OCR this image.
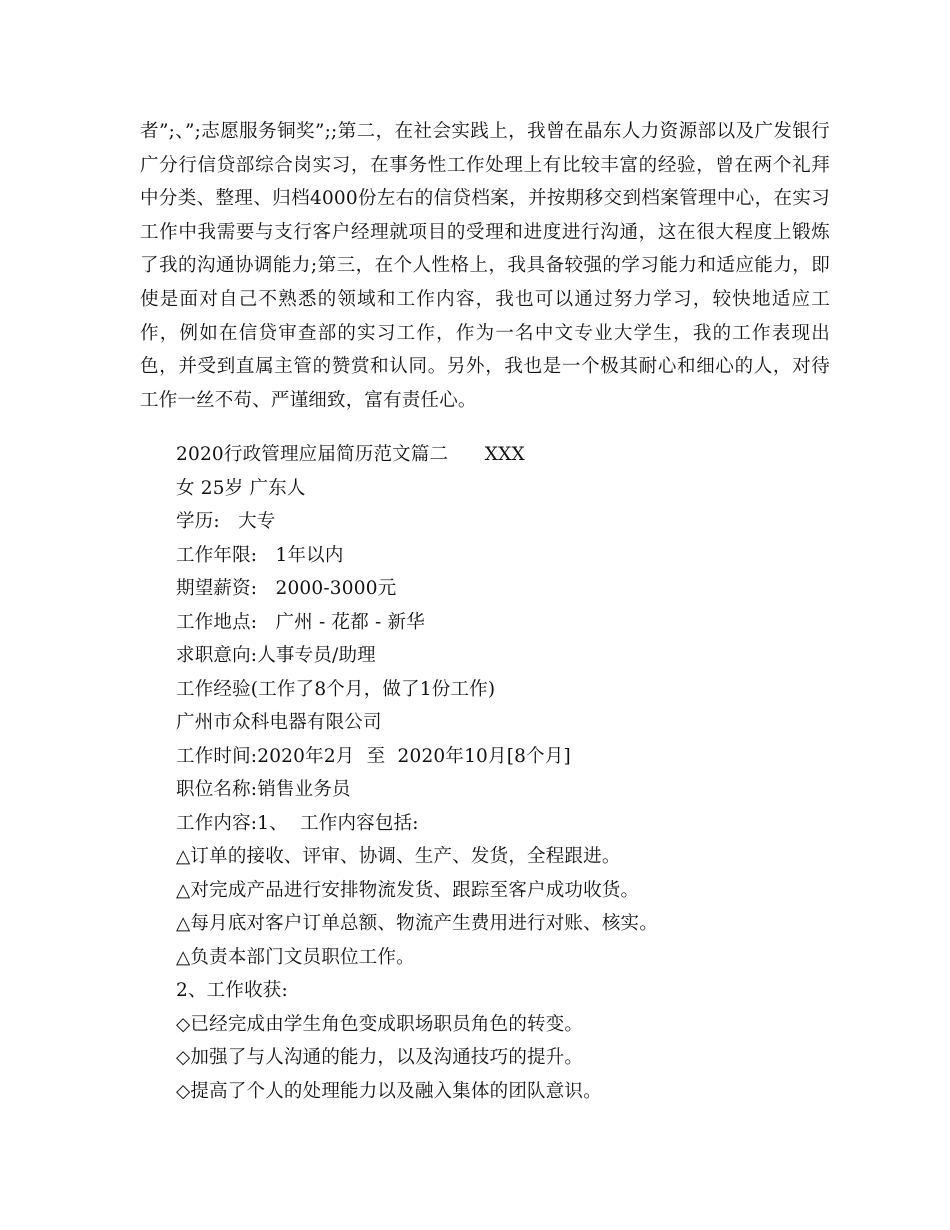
者”;、”;志愿服务铜奖”;;第二，在社会实践上，我曾在晶东人力资源部以及广发银行广分行信贷部综合岗实习，在事务性工作处理上有比较丰富的经验，曾在两个礼拜中分类、整理、归档4000份左右的信贷档案，并按期移交到档案管理中心，在实习工作中我需要与支行客户经理就项目的受理和进度进行沟通，这在很大程度上锻炼了我的沟通协调能力;第三，在个人性格上，我具备较强的学习能力和适应能力，即使是面对自己不熟悉的领域和工作内容，我也可以通过努力学习，较快地适应工作，例如在信贷审查部的实习工作，作为一名中文专业大学生，我的工作表现出色，并受到直属主管的赞赏和认同。另外，我也是一个极其耐心和细心的人，对待工作一丝不苟、严谨细致，富有责任心。

2020行政管理应届简历范文篇二      XXX
女 25岁 广东人
学历:   大专
工作年限:   1年以内
期望薪资:   2000-3000元
工作地点:   广州 - 花都 - 新华
求职意向:人事专员/助理
工作经验(工作了8个月，做了1份工作)
广州市众科电器有限公司
工作时间:2020年2月  至  2020年10月[8个月]
职位名称:销售业务员
工作内容:1、  工作内容包括:
△订单的接收、评审、协调、生产、发货，全程跟进。
△对完成产品进行安排物流发货、跟踪至客户成功收货。
△每月底对客户订单总额、物流产生费用进行对账、核实。
△负责本部门文员职位工作。
2、工作收获:
◇已经完成由学生角色变成职场职员角色的转变。
◇加强了与人沟通的能力，以及沟通技巧的提升。
◇提高了个人的处理能力以及融入集体的团队意识。
